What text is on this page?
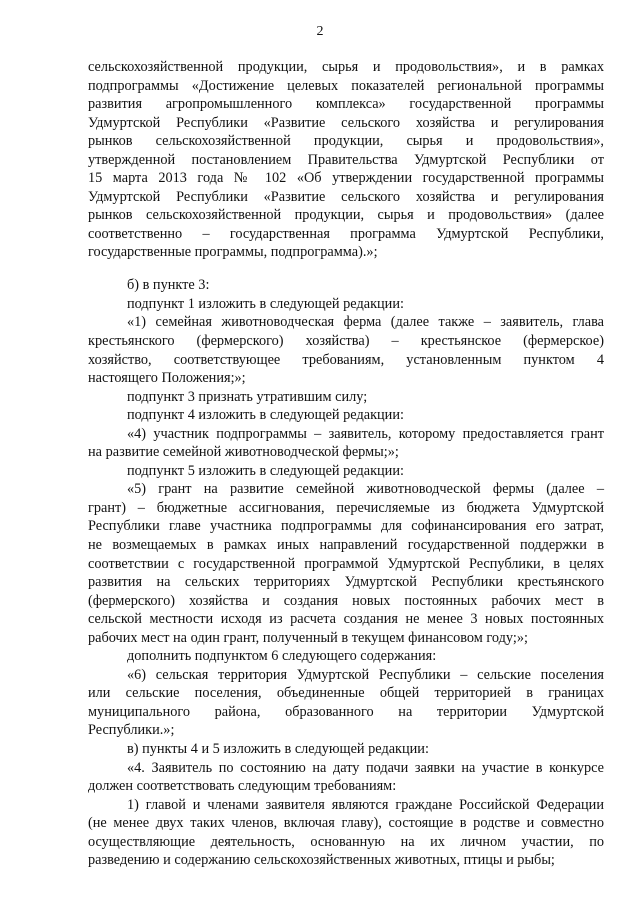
2

сельскохозяйственной продукции, сырья и продовольствия», и в рамках
подпрограммы «Достижение целевых показателей региональной программы
развития агропромышленного комплекса» государственной программы
Удмуртской Республики «Развитие сельского хозяйства и регулирования
рынков сельскохозяйственной продукции, сырья и продовольствия»,
утвержденной постановлением Правительства Удмуртской Республики от
15 марта 2013 года № 102 «Об утверждении государственной программы
Удмуртской Республики «Развитие сельского хозяйства и регулирования
рынков сельскохозяйственной продукции, сырья и продовольствия» (далее
соответственно – государственная программа Удмуртской Республики,
государственные программы, подпрограмма).»;

б) в пункте 3:
подпункт 1 изложить в следующей редакции:
«1) семейная животноводческая ферма (далее также – заявитель, глава
крестьянского (фермерского) хозяйства) – крестьянское (фермерское)
хозяйство, соответствующее требованиям, установленным пунктом 4
настоящего Положения;»;
подпункт 3 признать утратившим силу;
подпункт 4 изложить в следующей редакции:
«4) участник подпрограммы – заявитель, которому предоставляется грант
на развитие семейной животноводческой фермы;»;
подпункт 5 изложить в следующей редакции:
«5) грант на развитие семейной животноводческой фермы (далее –
грант) – бюджетные ассигнования, перечисляемые из бюджета Удмуртской
Республики главе участника подпрограммы для софинансирования его затрат,
не возмещаемых в рамках иных направлений государственной поддержки в
соответствии с государственной программой Удмуртской Республики, в целях
развития на сельских территориях Удмуртской Республики крестьянского
(фермерского) хозяйства и создания новых постоянных рабочих мест в
сельской местности исходя из расчета создания не менее 3 новых постоянных
рабочих мест на один грант, полученный в текущем финансовом году;»;
дополнить подпунктом 6 следующего содержания:
«6) сельская территория Удмуртской Республики – сельские поселения
или сельские поселения, объединенные общей территорией в границах
муниципального района, образованного на территории Удмуртской
Республики.»;
в) пункты 4 и 5 изложить в следующей редакции:
«4. Заявитель по состоянию на дату подачи заявки на участие в конкурсе
должен соответствовать следующим требованиям:
1) главой и членами заявителя являются граждане Российской Федерации
(не менее двух таких членов, включая главу), состоящие в родстве и совместно
осуществляющие деятельность, основанную на их личном участии, по
разведению и содержанию сельскохозяйственных животных, птицы и рыбы;
